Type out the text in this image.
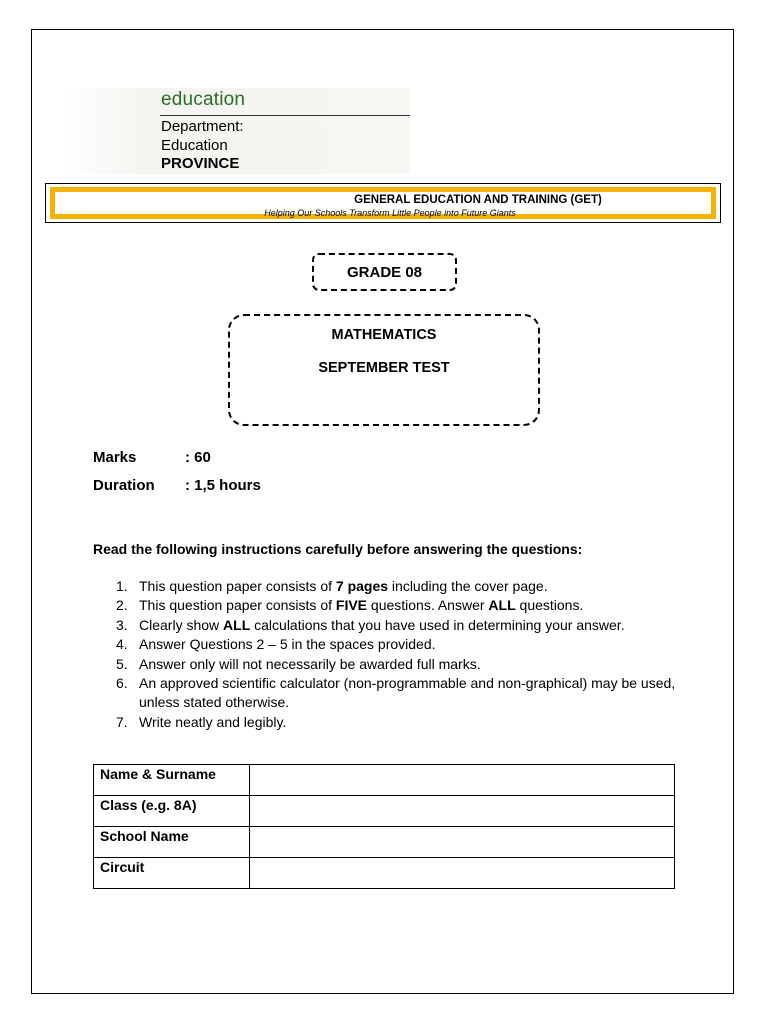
education
Department:
Education
PROVINCE
GENERAL EDUCATION AND TRAINING (GET)
Helping Our Schools Transform Little People into Future Giants
GRADE 08
MATHEMATICS
SEPTEMBER TEST
Marks	: 60
Duration : 1,5 hours
Read the following instructions carefully before answering the questions:
1. This question paper consists of 7 pages including the cover page.
2. This question paper consists of FIVE questions. Answer ALL questions.
3. Clearly show ALL calculations that you have used in determining your answer.
4. Answer Questions 2 – 5 in the spaces provided.
5. Answer only will not necessarily be awarded full marks.
6. An approved scientific calculator (non-programmable and non-graphical) may be used, unless stated otherwise.
7. Write neatly and legibly.
Name & Surname	
Class (e.g. 8A)	
School Name	
Circuit	
